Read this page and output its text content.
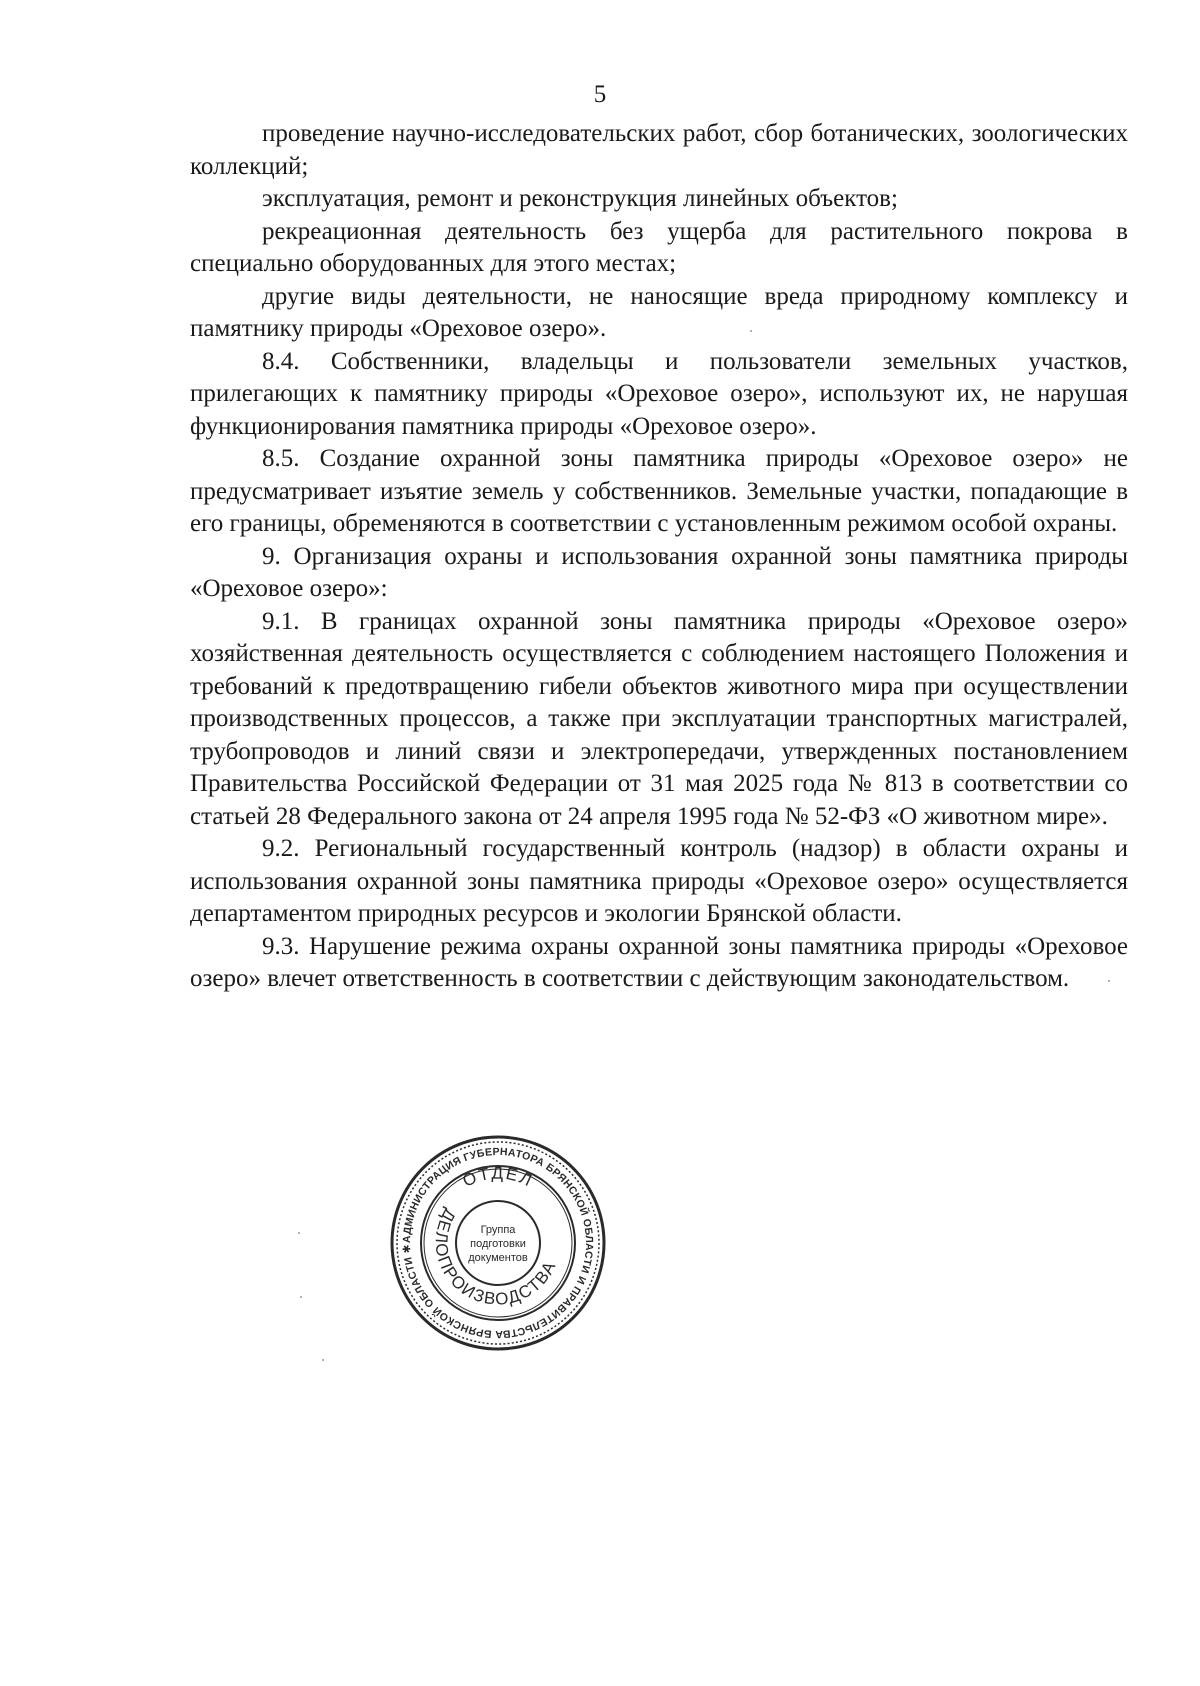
5

проведение научно-исследовательских работ, сбор ботанических, зоологических коллекций;

эксплуатация, ремонт и реконструкция линейных объектов;

рекреационная деятельность без ущерба для растительного покрова в специально оборудованных для этого местах;

другие виды деятельности, не наносящие вреда природному комплексу и памятнику природы «Ореховое озеро».

8.4. Собственники, владельцы и пользователи земельных участков, прилегающих к памятнику природы «Ореховое озеро», используют их, не нарушая функционирования памятника природы «Ореховое озеро».

8.5. Создание охранной зоны памятника природы «Ореховое озеро» не предусматривает изъятие земель у собственников. Земельные участки, попадающие в его границы, обременяются в соответствии с установленным режимом особой охраны.

9. Организация охраны и использования охранной зоны памятника природы «Ореховое озеро»:

9.1. В границах охранной зоны памятника природы «Ореховое озеро» хозяйственная деятельность осуществляется с соблюдением настоящего Положения и требований к предотвращению гибели объектов животного мира при осуществлении производственных процессов, а также при эксплуатации транспортных магистралей, трубопроводов и линий связи и электропередачи, утвержденных постановлением Правительства Российской Федерации от 31 мая 2025 года № 813 в соответствии со статьей 28 Федерального закона от 24 апреля 1995 года № 52-ФЗ «О животном мире».

9.2. Региональный государственный контроль (надзор) в области охраны и использования охранной зоны памятника природы «Ореховое озеро» осуществляется департаментом природных ресурсов и экологии Брянской области.

9.3. Нарушение режима охраны охранной зоны памятника природы «Ореховое озеро» влечет ответственность в соответствии с действующим законодательством.

АДМИНИСТРАЦИЯ ГУБЕРНАТОРА БРЯНСКОЙ ОБЛАСТИ И ПРАВИТЕЛЬСТВА БРЯНСКОЙ ОБЛАСТИ ✱
ОТДЕЛ
ДЕЛОПРОИЗВОДСТВА
Группа
подготовки
документов
